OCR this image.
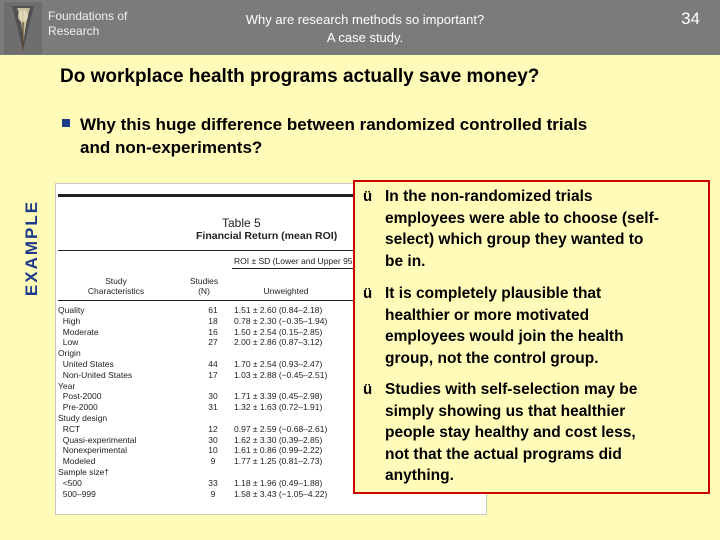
Foundations of
Research
Why are research methods so important?
A case study.
34
Do workplace health programs actually save money?
Why this huge difference between randomized controlled trials
and non-experiments?
EXAMPLE	Table 5
Financial Return (mean ROI)
ROI ± SD (Lower and Upper 95
Study
Characteristics
Studies
(N)	Unweighted
Quality	61	1.51 ± 2.60 (0.84–2.18)
High	18	0.78 ± 2.30 (−0.35–1.94)
Moderate	16	1.50 ± 2.54 (0.15–2.85)
Low	27	2.00 ± 2.86 (0.87–3.12)
Origin
United States	44	1.70 ± 2.54 (0.93–2.47)
Non-United States	17	1.03 ± 2.88 (−0.45–2.51)
Year
Post-2000	30	1.71 ± 3.39 (0.45–2.98)
Pre-2000	31	1.32 ± 1.63 (0.72–1.91)
Study design
RCT	12	0.97 ± 2.59 (−0.68–2.61)
Quasi-experimental	30	1.62 ± 3.30 (0.39–2.85)
Nonexperimental	10	1.61 ± 0.86 (0.99–2.22)
Modeled	9	1.77 ± 1.25 (0.81–2.73)
Sample size†
<500	33	1.18 ± 1.96 (0.49–1.88)
500–999	9	1.58 ± 3.43 (−1.05–4.22)
ü In the non-randomized trials
employees were able to choose (self-
select) which group they wanted to
be in.
ü It is completely plausible that
healthier or more motivated
employees would join the health
group, not the control group.
ü Studies with self-selection may be
simply showing us that healthier
people stay healthy and cost less,
not that the actual programs did
anything.
